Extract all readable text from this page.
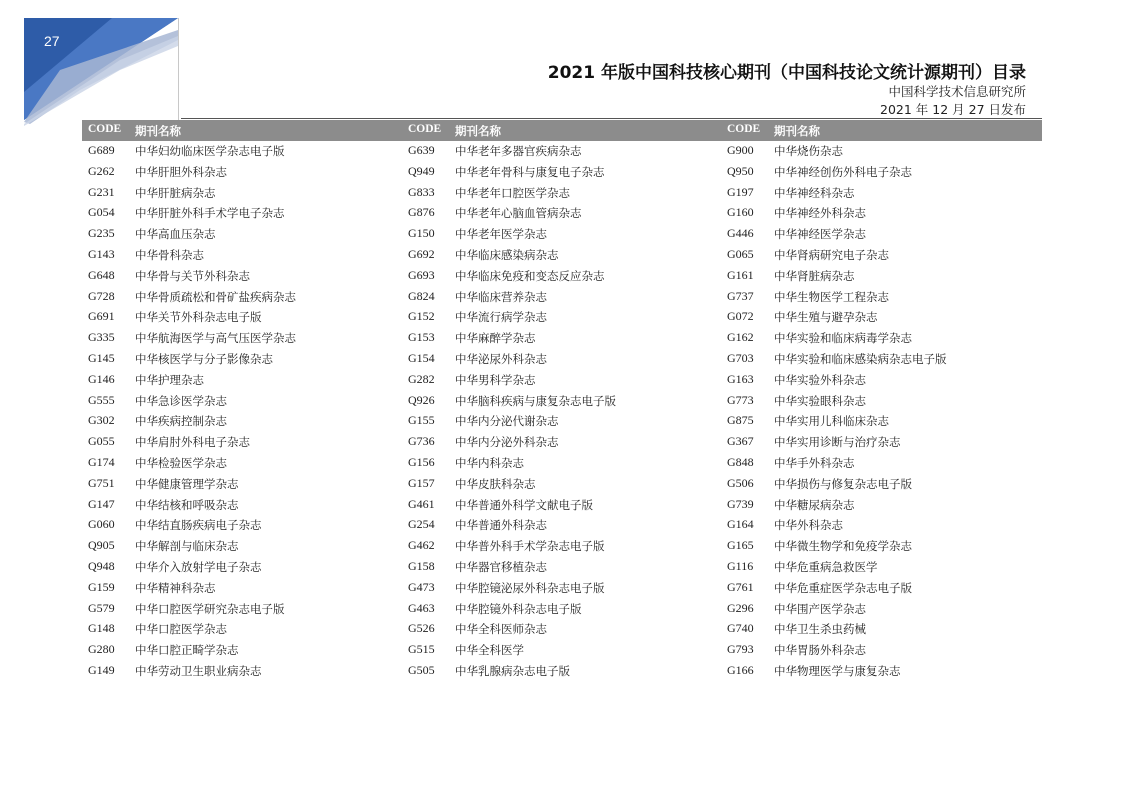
27
2021 年版中国科技核心期刊（中国科技论文统计源期刊）目录
中国科学技术信息研究所
2021 年 12 月 27 日发布
CODE 期刊名称	CODE 期刊名称	CODE 期刊名称
G689 中华妇幼临床医学杂志电子版	G639 中华老年多器官疾病杂志	G900 中华烧伤杂志
G262 中华肝胆外科杂志	Q949 中华老年骨科与康复电子杂志	Q950 中华神经创伤外科电子杂志
G231 中华肝脏病杂志	G833 中华老年口腔医学杂志	G197 中华神经科杂志
G054 中华肝脏外科手术学电子杂志	G876 中华老年心脑血管病杂志	G160 中华神经外科杂志
G235 中华高血压杂志	G150 中华老年医学杂志	G446 中华神经医学杂志
G143 中华骨科杂志	G692 中华临床感染病杂志	G065 中华肾病研究电子杂志
G648 中华骨与关节外科杂志	G693 中华临床免疫和变态反应杂志	G161 中华肾脏病杂志
G728 中华骨质疏松和骨矿盐疾病杂志	G824 中华临床营养杂志	G737 中华生物医学工程杂志
G691 中华关节外科杂志电子版	G152 中华流行病学杂志	G072 中华生殖与避孕杂志
G335 中华航海医学与高气压医学杂志	G153 中华麻醉学杂志	G162 中华实验和临床病毒学杂志
G145 中华核医学与分子影像杂志	G154 中华泌尿外科杂志	G703 中华实验和临床感染病杂志电子版
G146 中华护理杂志	G282 中华男科学杂志	G163 中华实验外科杂志
G555 中华急诊医学杂志	Q926 中华脑科疾病与康复杂志电子版	G773 中华实验眼科杂志
G302 中华疾病控制杂志	G155 中华内分泌代谢杂志	G875 中华实用儿科临床杂志
G055 中华肩肘外科电子杂志	G736 中华内分泌外科杂志	G367 中华实用诊断与治疗杂志
G174 中华检验医学杂志	G156 中华内科杂志	G848 中华手外科杂志
G751 中华健康管理学杂志	G157 中华皮肤科杂志	G506 中华损伤与修复杂志电子版
G147 中华结核和呼吸杂志	G461 中华普通外科学文献电子版	G739 中华糖尿病杂志
G060 中华结直肠疾病电子杂志	G254 中华普通外科杂志	G164 中华外科杂志
Q905 中华解剖与临床杂志	G462 中华普外科手术学杂志电子版	G165 中华微生物学和免疫学杂志
Q948 中华介入放射学电子杂志	G158 中华器官移植杂志	G116 中华危重病急救医学
G159 中华精神科杂志	G473 中华腔镜泌尿外科杂志电子版	G761 中华危重症医学杂志电子版
G579 中华口腔医学研究杂志电子版	G463 中华腔镜外科杂志电子版	G296 中华围产医学杂志
G148 中华口腔医学杂志	G526 中华全科医师杂志	G740 中华卫生杀虫药械
G280 中华口腔正畸学杂志	G515 中华全科医学	G793 中华胃肠外科杂志
G149 中华劳动卫生职业病杂志	G505 中华乳腺病杂志电子版	G166 中华物理医学与康复杂志
